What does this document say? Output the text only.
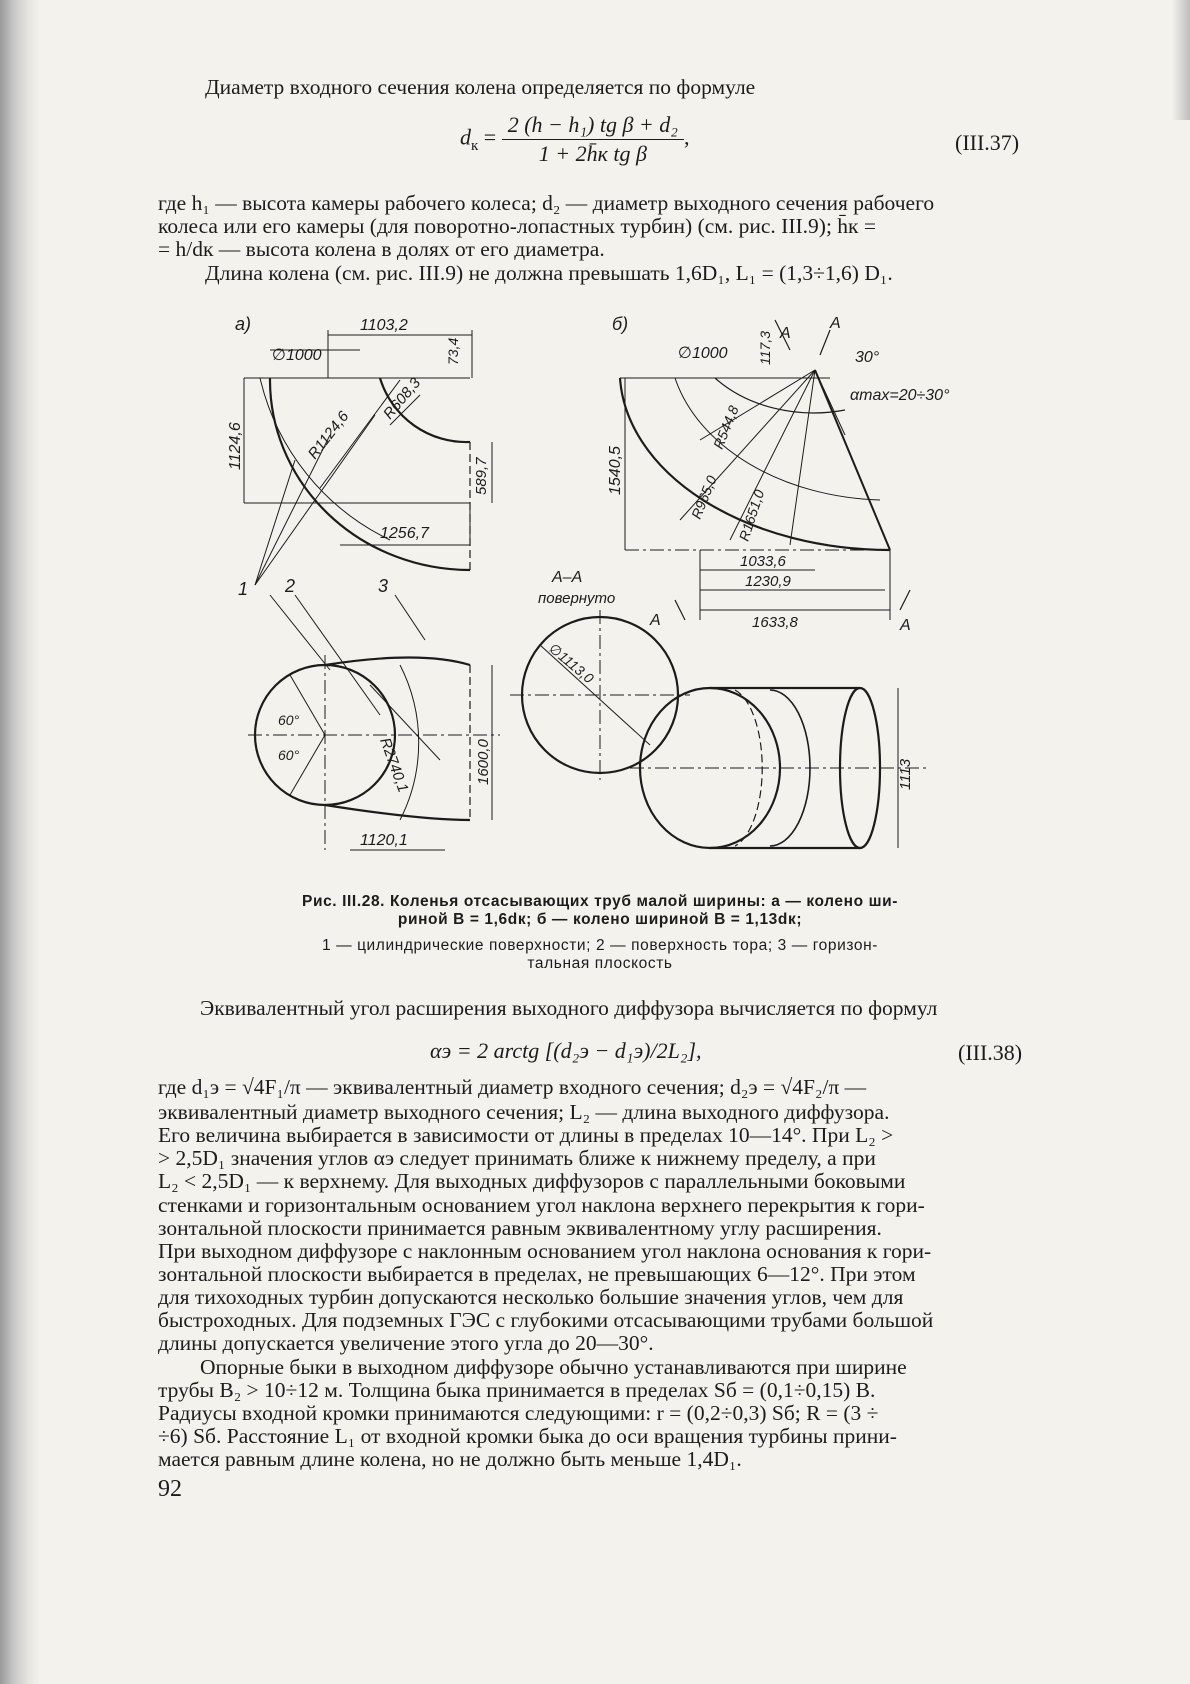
Диаметр входного сечения колена определяется по формуле
$d_к = \frac{\text{2 (h − h₁) tg β + d₂}}{\text{1 + 2h̄к tg β}}$ ,	(III.37)
где h₁ — высота камеры рабочего колеса; d₂ — диаметр выходного сечения рабочего
колеса или его камеры (для поворотно-лопастных турбин) (см. рис. III.9); h̄к =
= h/dк — высота колена в долях от его диаметра.
Длина колена (см. рис. III.9) не должна превышать 1,6D₁, L₁ = (1,3÷1,6) D₁.
а)	б)
∅1000
1103,2
73,4
1124,6	R1124,6
R608,3
589,7
1256,7
R2740,1	1600,0
1120,1
60°
60°
1 2	3
∅1000 117,3	30°
αmax=20÷30°
R544,8
1540,5
R965,0 R1651,0
1033,6
1230,9
1633,8
∅1113,0
1113
А–А
повернуто
А
А
А	А
Рис. III.28. Коленья отсасывающих труб малой ширины: а — колено ши-
риной B = 1,6dк; б — колено шириной B = 1,13dк;
1 — цилиндрические поверхности; 2 — поверхность тора; 3 — горизон-
тальная плоскость
Эквивалентный угол расширения выходного диффузора вычисляется по формул
αэ = 2 arctg [(d₂э − d₁э)/2L₂],	(III.38)
где d₁э = √4F₁/π — эквивалентный диаметр входного сечения; d₂э = √4F₂/π —
эквивалентный диаметр выходного сечения; L₂ — длина выходного диффузора.
Его величина выбирается в зависимости от длины в пределах 10—14°. При L₂ >
> 2,5D₁ значения углов αэ следует принимать ближе к нижнему пределу, а при
L₂ < 2,5D₁ — к верхнему. Для выходных диффузоров с параллельными боковыми
стенками и горизонтальным основанием угол наклона верхнего перекрытия к гори-
зонтальной плоскости принимается равным эквивалентному углу расширения.
При выходном диффузоре с наклонным основанием угол наклона основания к гори-
зонтальной плоскости выбирается в пределах, не превышающих 6—12°. При этом
для тихоходных турбин допускаются несколько большие значения углов, чем для
быстроходных. Для подземных ГЭС с глубокими отсасывающими трубами большой
длины допускается увеличение этого угла до 20—30°.
Опорные быки в выходном диффузоре обычно устанавливаются при ширине
трубы B₂ > 10÷12 м. Толщина быка принимается в пределах Sб = (0,1÷0,15) B.
Радиусы входной кромки принимаются следующими: r = (0,2÷0,3) Sб; R = (3 ÷
÷6) Sб. Расстояние L₁ от входной кромки быка до оси вращения турбины прини-
мается равным длине колена, но не должно быть меньше 1,4D₁.
92
